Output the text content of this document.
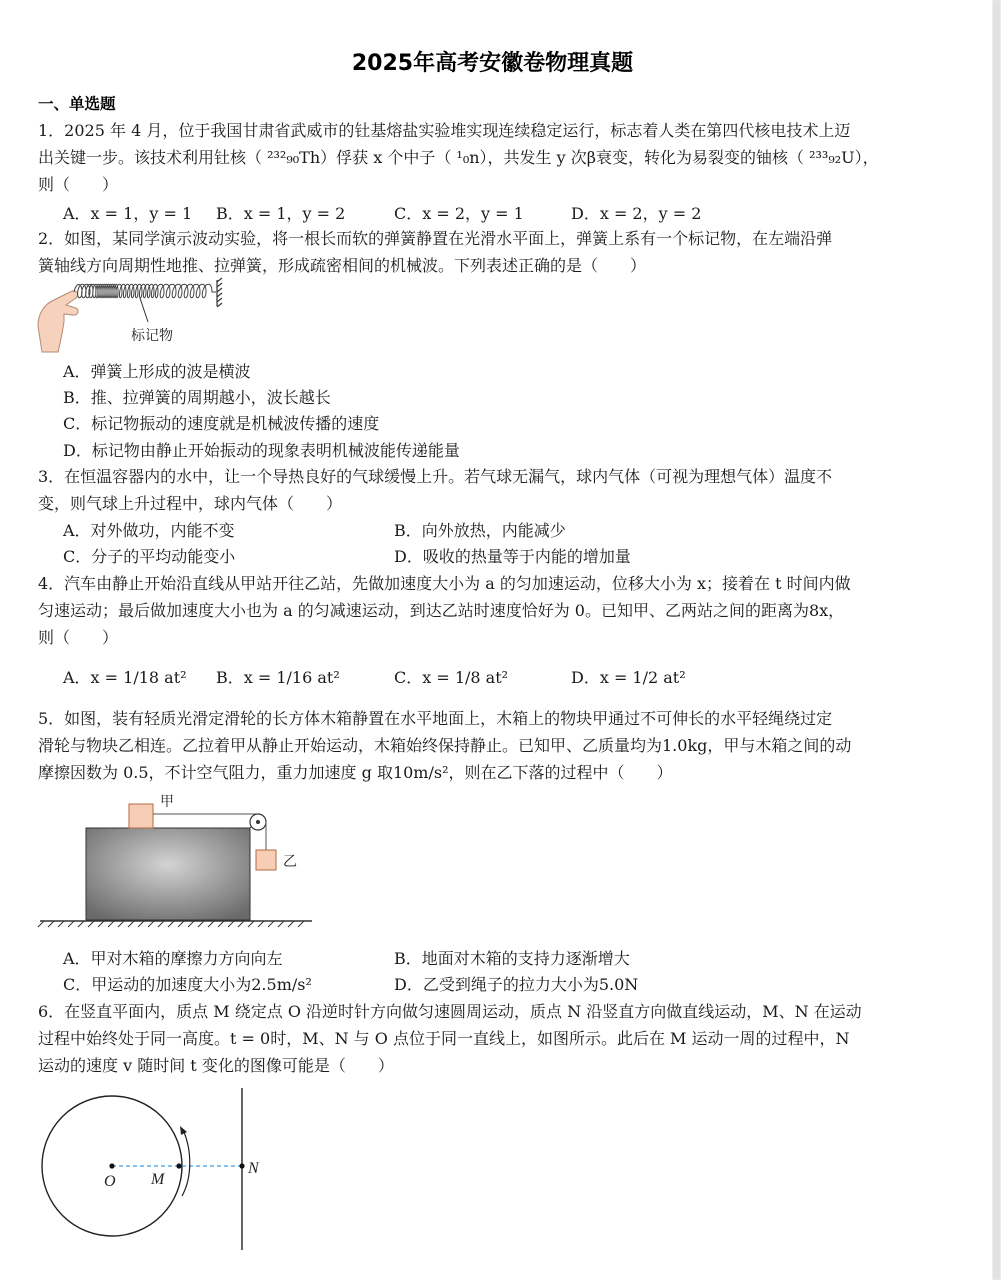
2025年高考安徽卷物理真题
一、单选题
1．2025 年 4 月，位于我国甘肃省武威市的钍基熔盐实验堆实现连续稳定运行，标志着人类在第四代核电技术上迈
出关键一步。该技术利用钍核（ ²³²₉₀Th）俘获 x 个中子（ ¹₀n），共发生 y 次β衰变，转化为易裂变的铀核（ ²³³₉₂U），
则（　　）
A．x = 1，y = 1 B．x = 1，y = 2	C．x = 2，y = 1	D．x = 2，y = 2
2．如图，某同学演示波动实验，将一根长而软的弹簧静置在光滑水平面上，弹簧上系有一个标记物，在左端沿弹
簧轴线方向周期性地推、拉弹簧，形成疏密相间的机械波。下列表述正确的是（　　）
标记物
A．弹簧上形成的波是横波
B．推、拉弹簧的周期越小，波长越长
C．标记物振动的速度就是机械波传播的速度
D．标记物由静止开始振动的现象表明机械波能传递能量
3．在恒温容器内的水中，让一个导热良好的气球缓慢上升。若气球无漏气，球内气体（可视为理想气体）温度不
变，则气球上升过程中，球内气体（　　）
A．对外做功，内能不变	B．向外放热，内能减少
C．分子的平均动能变小	D．吸收的热量等于内能的增加量
4．汽车由静止开始沿直线从甲站开往乙站，先做加速度大小为 a 的匀加速运动，位移大小为 x；接着在 t 时间内做
匀速运动；最后做加速度大小也为 a 的匀减速运动，到达乙站时速度恰好为 0。已知甲、乙两站之间的距离为8x，
则（　　）
A．x = 1/18 at² B．x = 1/16 at²	C．x = 1/8 at²	D．x = 1/2 at²
5．如图，装有轻质光滑定滑轮的长方体木箱静置在水平地面上，木箱上的物块甲通过不可伸长的水平轻绳绕过定
滑轮与物块乙相连。乙拉着甲从静止开始运动，木箱始终保持静止。已知甲、乙质量均为1.0kg，甲与木箱之间的动
摩擦因数为 0.5，不计空气阻力，重力加速度 g 取10m/s²，则在乙下落的过程中（　　）
甲
乙
A．甲对木箱的摩擦力方向向左	B．地面对木箱的支持力逐渐增大
C．甲运动的加速度大小为2.5m/s²	D．乙受到绳子的拉力大小为5.0N
6．在竖直平面内，质点 M 绕定点 O 沿逆时针方向做匀速圆周运动，质点 N 沿竖直方向做直线运动，M、N 在运动
过程中始终处于同一高度。t = 0时，M、N 与 O 点位于同一直线上，如图所示。此后在 M 运动一周的过程中，N
运动的速度 v 随时间 t 变化的图像可能是（　　）
O M
N
